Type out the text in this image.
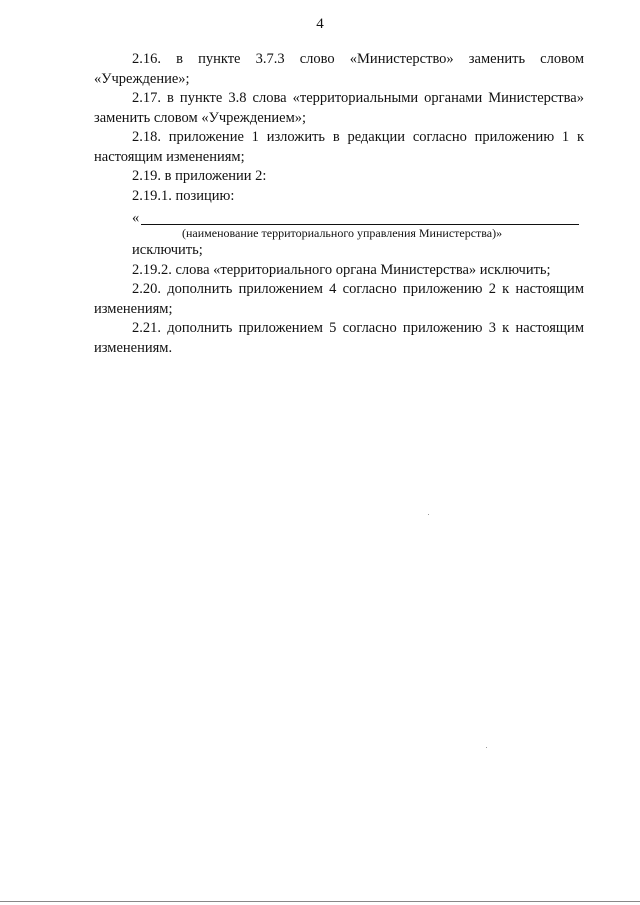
4

2.16. в пункте 3.7.3 слово «Министерство» заменить словом «Учреждение»;

2.17. в пункте 3.8 слова «территориальными органами Министерства» заменить словом «Учреждением»;

2.18. приложение 1 изложить в редакции согласно приложению 1 к настоящим изменениям;

2.19. в приложении 2:

2.19.1. позицию:

«
(наименование территориального управления Министерства)»

исключить;

2.19.2. слова «территориального органа Министерства» исключить;

2.20. дополнить приложением 4 согласно приложению 2 к настоящим изменениям;

2.21. дополнить приложением 5 согласно приложению 3 к настоящим изменениям.
